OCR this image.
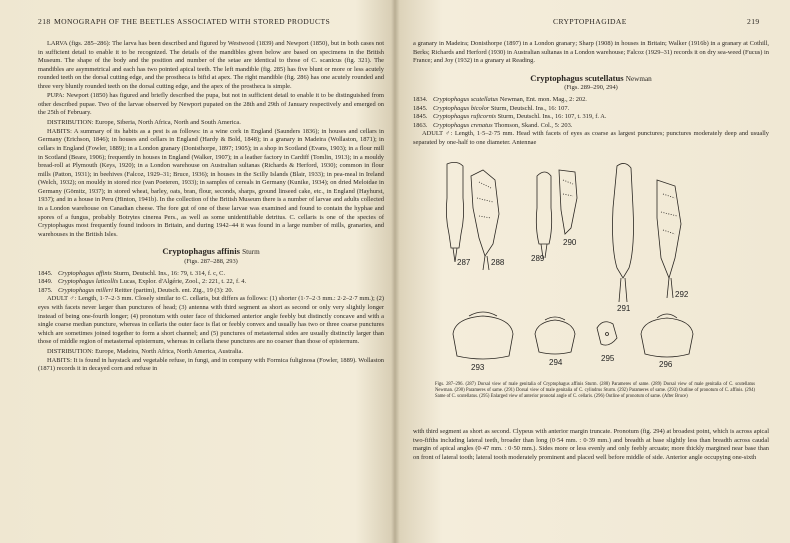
218 MONOGRAPH OF THE BEETLES ASSOCIATED WITH STORED PRODUCTS

LARVA (figs. 285–286): The larva has been described and figured by Westwood (1839) and Newport (1850), but in both cases not in sufficient detail to enable it to be recognized. The details of the mandibles given below are based on specimens in the British Museum. The shape of the body and the position and number of the setae are identical to those of C. scanicus (fig. 321). The mandibles are asymmetrical and each has two pointed apical teeth. The left mandible (fig. 285) has five blunt or more or less acutely rounded teeth on the dorsal cutting edge, and the prostheca is bifid at apex. The right mandible (fig. 286) has one acutely rounded and three very bluntly rounded teeth on the dorsal cutting edge, and the apex of the prostheca is simple.

PUPA: Newport (1850) has figured and briefly described the pupa, but not in sufficient detail to enable it to be distinguished from other described pupae. Two of the larvae observed by Newport pupated on the 28th and 29th of January respectively and emerged on the 25th of February.

DISTRIBUTION: Europe, Siberia, North Africa, North and South America.

HABITS: A summary of its habits as a pest is as follows: in a wine cork in England (Saunders 1836); in houses and cellars in Germany (Erichson, 1846); in houses and cellars in England (Hardy & Bold, 1848); in a granary in Madeira (Wollaston, 1871); in cellars in England (Fowler, 1889); in a London granary (Donisthorpe, 1897; 1905); in a shop in Scotland (Evans, 1903); in a flour mill in Scotland (Beare, 1906); frequently in houses in England (Walker, 1907); in a leather factory in Cardiff (Tomlin, 1913); in a mouldy bread-roll at Plymouth (Keys, 1920); in a London warehouse on Australian sultanas (Richards & Herford, 1930); common in flour mills (Patton, 1931); in beehives (Falcoz, 1929–31; Bruce, 1936); in houses in the Scilly Islands (Blair, 1933); in pea-meal in Ireland (Welch, 1932); on mouldy in stored rice (van Poeteren, 1933); in samples of cereals in Germany (Kunike, 1934); on dried Meloidae in Germany (Gömitz, 1937); in stored wheat, barley, oats, bran, flour, seconds, sharps, ground linseed cake, etc., in England (Hayhurst, 1937); and in a house in Peru (Hinton, 1941b). In the collection of the British Museum there is a number of larvae and adults collected in a London warehouse on Canadian cheese. The fore gut of one of these larvae was examined and found to contain the hyphae and spores of a fungus, probably Botrytes cinerea Pers., as well as some unidentifiable detritus. C. cellaris is one of the species of Cryptophagus most frequently found indoors in Britain, and during 1942–44 it was found in a large number of mills, granaries, and warehouses in the British Isles.

Cryptophagus affinis Sturm
(Figs. 287–288, 293)
1845. Cryptophagus affinis Sturm, Deutschl. Ins., 16: 79, t. 314, f. c, C.
1849. Cryptophagus laticollis Lucas, Explor. d'Algérie, Zool., 2: 221, t. 22, f. 4.
1875. Cryptophagus milleri Reitter (partim), Deutsch. ent. Ztg., 19 (3): 20.

ADULT ♂: Length, 1·7–2·3 mm. Closely similar to C. cellaris, but differs as follows: (1) shorter (1·7–2·3 mm.: 2·2–2·7 mm.); (2) eyes with facets never larger than punctures of head; (3) antenna with third segment as short as second or only very slightly longer instead of being one-fourth longer; (4) pronotum with outer face of thickened anterior angle feebly but distinctly concave and with a single coarse median puncture, whereas in cellaris the outer face is flat or feebly convex and usually has two or three coarse punctures which are sometimes joined together to form a short channel; and (5) punctures of metasternal sides are usually distinctly larger than those of middle region of metasternal episternum, whereas in cellaris these punctures are no coarser than those of episternum.

DISTRIBUTION: Europe, Madeira, North Africa, North America, Australia.

HABITS: It is found in haystack and vegetable refuse, in fungi, and in company with Formica fuliginosa (Fowler, 1889). Wollaston (1871) records it in decayed corn and refuse in

CRYPTOPHAGIDAE	219

a granary in Madeira; Donisthorpe (1897) in a London granary; Sharp (1908) in houses in Britain; Walker (1916b) in a granary at Cothill, Berks; Richards and Herford (1930) in Australian sultanas in a London warehouse; Falcoz (1929–31) records it on dry sea-weed (Fucus) in France; and Joy (1932) in a granary at Reading.

Cryptophagus scutellatus Newman
(Figs. 289–290, 294)
1834. Cryptophagus scutellatus Newman, Ent. mon. Mag., 2: 202.
1845. Cryptophagus bicolor Sturm, Deutschl. Ins., 16: 107.
1845. Cryptophagus ruficornis Sturm, Deutschl. Ins., 16: 107, t. 319, f. A.
1863. Cryptophagus crenatus Thomson, Skand. Col., 5: 203.

ADULT ♂: Length, 1·5–2·75 mm. Head with facets of eyes as coarse as largest punctures; punctures moderately deep and usually separated by one-half to one diameter. Antennae

287	288	289
290
291
292
293
294	295
296
Figs. 287–296. (287) Dorsal view of male genitalia of Cryptophagus affinis Sturm. (288) Parameres of same. (289) Dorsal view of male genitalia of C. scutellatus Newman. (290) Parameres of same. (291) Dorsal view of male genitalia of C. cylindrus Sturm. (292) Parameres of same. (293) Outline of pronotum of C. affinis. (294) Same of C. scutellatus. (295) Enlarged view of anterior pronotal angle of C. cellaris. (296) Outline of pronotum of same. (After Bruce)

with third segment as short as second. Clypeus with anterior margin truncate. Pronotum (fig. 294) at broadest point, which is across apical two-fifths including lateral teeth, broader than long (0·54 mm. : 0·39 mm.) and breadth at base slightly less than breadth across caudal margin of apical angles (0·47 mm. : 0·50 mm.). Sides more or less evenly and only feebly arcuate; more thickly margined near base than on front of lateral tooth; lateral tooth moderately prominent and placed well before middle of side. Anterior angle occupying one-sixth
